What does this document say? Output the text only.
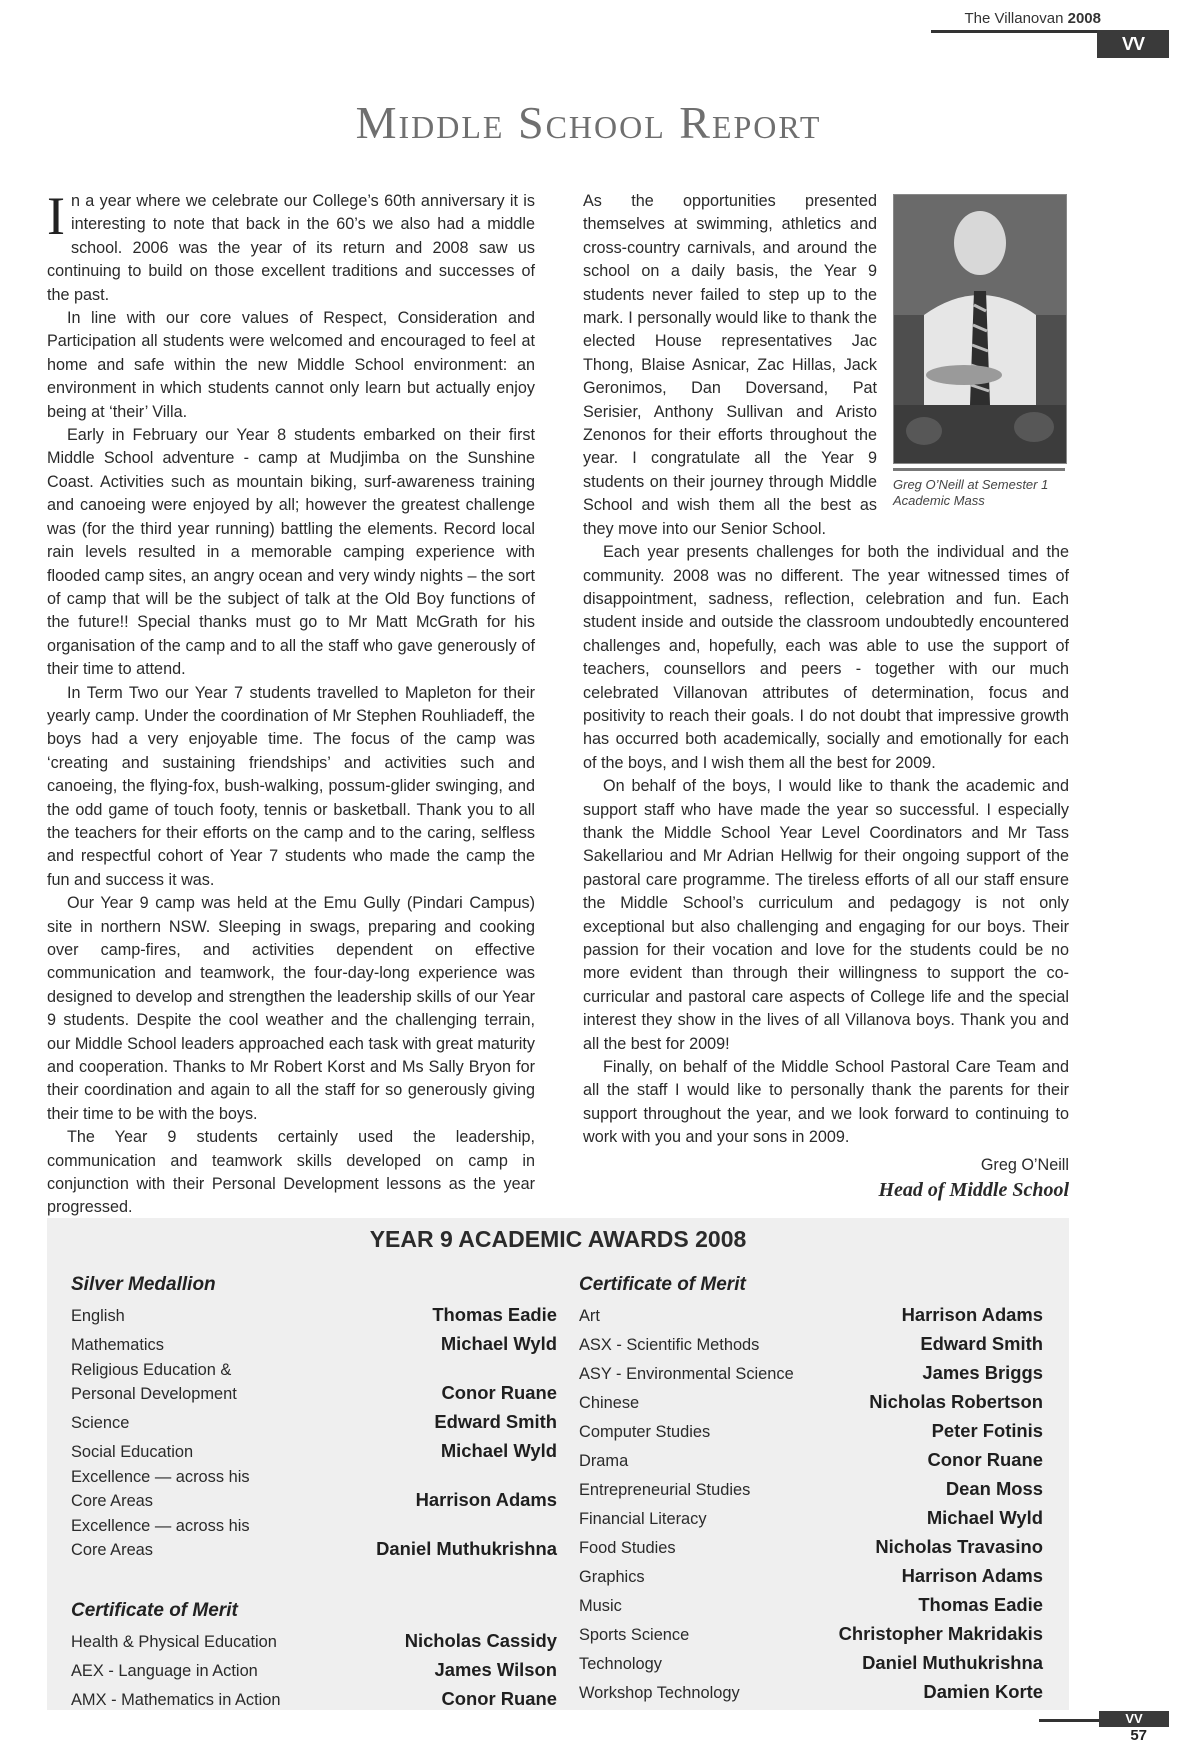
The Villanovan 2008
VV
Middle School Report

In a year where we celebrate our College’s 60th anniversary it is interesting to note that back in the 60’s we also had a middle school. 2006 was the year of its return and 2008 saw us continuing to build on those excellent traditions and successes of the past.

In line with our core values of Respect, Consideration and Participation all students were welcomed and encouraged to feel at home and safe within the new Middle School environment: an environment in which students cannot only learn but actually enjoy being at ‘their’ Villa.

Early in February our Year 8 students embarked on their first Middle School adventure - camp at Mudjimba on the Sunshine Coast. Activities such as mountain biking, surf-awareness training and canoeing were enjoyed by all; however the greatest challenge was (for the third year running) battling the elements. Record local rain levels resulted in a memorable camping experience with flooded camp sites, an angry ocean and very windy nights – the sort of camp that will be the subject of talk at the Old Boy functions of the future!! Special thanks must go to Mr Matt McGrath for his organisation of the camp and to all the staff who gave generously of their time to attend.

In Term Two our Year 7 students travelled to Mapleton for their yearly camp. Under the coordination of Mr Stephen Rouhliadeff, the boys had a very enjoyable time. The focus of the camp was ‘creating and sustaining friendships’ and activities such and canoeing, the flying-fox, bush-walking, possum-glider swinging, and the odd game of touch footy, tennis or basketball. Thank you to all the teachers for their efforts on the camp and to the caring, selfless and respectful cohort of Year 7 students who made the camp the fun and success it was.

Our Year 9 camp was held at the Emu Gully (Pindari Campus) site in northern NSW. Sleeping in swags, preparing and cooking over camp-fires, and activities dependent on effective communication and teamwork, the four-day-long experience was designed to develop and strengthen the leadership skills of our Year 9 students. Despite the cool weather and the challenging terrain, our Middle School leaders approached each task with great maturity and cooperation. Thanks to Mr Robert Korst and Ms Sally Bryon for their coordination and again to all the staff for so generously giving their time to be with the boys.

The Year 9 students certainly used the leadership, communication and teamwork skills developed on camp in conjunction with their Personal Development lessons as the year progressed.

Greg O’Neill at Semester 1 Academic Mass

As the opportunities presented themselves at swimming, athletics and cross-country carnivals, and around the school on a daily basis, the Year 9 students never failed to step up to the mark. I personally would like to thank the elected House representatives Jac Thong, Blaise Asnicar, Zac Hillas, Jack Geronimos, Dan Doversand, Pat Serisier, Anthony Sullivan and Aristo Zenonos for their efforts throughout the year. I congratulate all the Year 9 students on their journey through Middle School and wish them all the best as they move into our Senior School.

Each year presents challenges for both the individual and the community. 2008 was no different. The year witnessed times of disappointment, sadness, reflection, celebration and fun. Each student inside and outside the classroom undoubtedly encountered challenges and, hopefully, each was able to use the support of teachers, counsellors and peers - together with our much celebrated Villanovan attributes of determination, focus and positivity to reach their goals. I do not doubt that impressive growth has occurred both academically, socially and emotionally for each of the boys, and I wish them all the best for 2009.

On behalf of the boys, I would like to thank the academic and support staff who have made the year so successful. I especially thank the Middle School Year Level Coordinators and Mr Tass Sakellariou and Mr Adrian Hellwig for their ongoing support of the pastoral care programme. The tireless efforts of all our staff ensure the Middle School’s curriculum and pedagogy is not only exceptional but also challenging and engaging for our boys. Their passion for their vocation and love for the students could be no more evident than through their willingness to support the co-curricular and pastoral care aspects of College life and the special interest they show in the lives of all Villanova boys. Thank you and all the best for 2009!

Finally, on behalf of the Middle School Pastoral Care Team and all the staff I would like to personally thank the parents for their support throughout the year, and we look forward to continuing to work with you and your sons in 2009.

Greg O’Neill
Head of Middle School
YEAR 9 ACADEMIC AWARDS 2008
Silver Medallion
English	Thomas Eadie
Mathematics	Michael Wyld
Religious Education & Personal Development	Conor Ruane
Science	Edward Smith
Social Education	Michael Wyld
Excellence — across his Core Areas	Harrison Adams
Excellence — across his Core Areas	Daniel Muthukrishna
Certificate of Merit
Health & Physical Education	Nicholas Cassidy
AEX - Language in Action	James Wilson
AMX - Mathematics in Action	Conor Ruane
Certificate of Merit
Art	Harrison Adams
ASX - Scientific Methods	Edward Smith
ASY - Environmental Science	James Briggs
Chinese	Nicholas Robertson
Computer Studies	Peter Fotinis
Drama	Conor Ruane
Entrepreneurial Studies	Dean Moss
Financial Literacy	Michael Wyld
Food Studies	Nicholas Travasino
Graphics	Harrison Adams
Music	Thomas Eadie
Sports Science	Christopher Makridakis
Technology	Daniel Muthukrishna
Workshop Technology	Damien Korte
VV
57
